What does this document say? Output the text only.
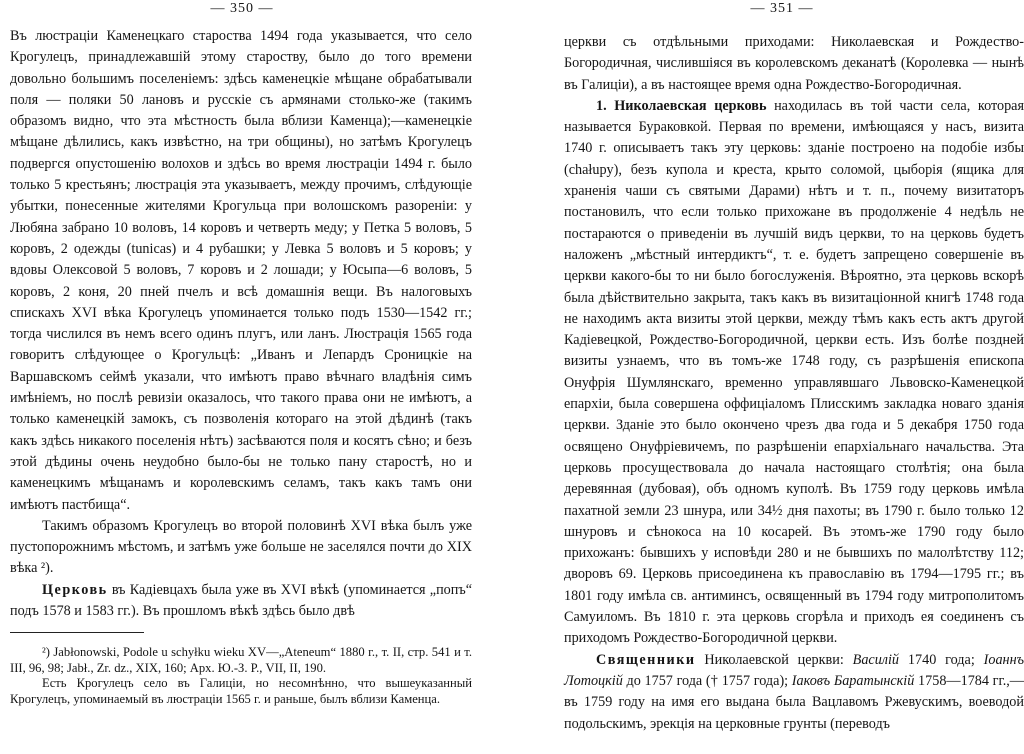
— 350 —

Въ люстраціи Каменецкаго староства 1494 года указывается, что село Крогулецъ, принадлежавшій этому староству, было до того времени довольно большимъ поселеніемъ: здѣсь каменецкіе мѣщане обрабатывали поля — поляки 50 лановъ и русскіе съ армянами столько-же (такимъ образомъ видно, что эта мѣстность была вблизи Каменца);—каменецкіе мѣщане дѣлились, какъ извѣстно, на три общины), но затѣмъ Крогулецъ подвергся опустошенію волохов и здѣсь во время люстраціи 1494 г. было только 5 крестьянъ; люстрація эта указываетъ, между прочимъ, слѣдующіе убытки, понесенные жителями Крогульца при волошскомъ разореніи: у Любяна забрано 10 воловъ, 14 коровъ и четверть меду; у Петка 5 воловъ, 5 коровъ, 2 одежды (tunicas) и 4 рубашки; у Левка 5 воловъ и 5 коровъ; у вдовы Олексовой 5 воловъ, 7 коровъ и 2 лошади; у Юсыпа—6 воловъ, 5 коровъ, 2 коня, 20 пней пчелъ и всѣ домашнія вещи. Въ налоговыхъ спискахъ XVI вѣка Крогулецъ упоминается только подъ 1530—1542 гг.; тогда числился въ немъ всего одинъ плугъ, или ланъ. Люстрація 1565 года говоритъ слѣдующее о Крогульцѣ: „Иванъ и Лепардъ Сроницкіе на Варшавскомъ сеймѣ указали, что имѣютъ право вѣчнаго владѣнія симъ имѣніемъ, но послѣ ревизіи оказалось, что такого права они не имѣютъ, а только каменецкій замокъ, съ позволенія котораго на этой дѣдинѣ (такъ какъ здѣсь никакого поселенія нѣтъ) засѣваются поля и косятъ сѣно; и безъ этой дѣдины очень неудобно было-бы не только пану старостѣ, но и каменецкимъ мѣщанамъ и королевскимъ селамъ, такъ какъ тамъ они имѣютъ пастбища“.

Такимъ образомъ Крогулецъ во второй половинѣ XVI вѣка былъ уже пустопорожнимъ мѣстомъ, и затѣмъ уже больше не заселялся почти до XIX вѣка ²).

Церковь въ Кадіевцахъ была уже въ XVI вѣкѣ (упоминается „попъ“ подъ 1578 и 1583 гг.). Въ прошломъ вѣкѣ здѣсь было двѣ

²) Jabłonowski, Podole u schyłku wieku XV—„Ateneum“ 1880 г., т. II, стр. 541 и т. III, 96, 98; Jabł., Zr. dz., XIX, 160; Арх. Ю.-З. Р., VII, II, 190.

Есть Крогулецъ село въ Галиціи, но несомнѣнно, что вышеуказанный Крогулецъ, упоминаемый въ люстраціи 1565 г. и раньше, былъ вблизи Каменца.

— 351 —

церкви съ отдѣльными приходами: Николаевская и Рождество-Богородичная, числившіяся въ королевскомъ деканатѣ (Королевка — нынѣ въ Галиціи), а въ настоящее время одна Рождество-Богородичная.

1. Николаевская церковь находилась въ той части села, которая называется Бураковкой. Первая по времени, имѣющаяся у насъ, визита 1740 г. описываетъ такъ эту церковь: зданіе построено на подобіе избы (chałupy), безъ купола и креста, крыто соломой, цыборія (ящика для храненія чаши съ святыми Дарами) нѣтъ и т. п., почему визитаторъ постановилъ, что если только прихожане въ продолженіе 4 недѣль не постараются о приведеніи въ лучшій видъ церкви, то на церковь будетъ наложенъ „мѣстный интердиктъ“, т. е. будетъ запрещено совершеніе въ церкви какого-бы то ни было богослуженія. Вѣроятно, эта церковь вскорѣ была дѣйствительно закрыта, такъ какъ въ визитаціонной книгѣ 1748 года не находимъ акта визиты этой церкви, между тѣмъ какъ есть актъ другой Кадіевецкой, Рождество-Богородичной, церкви есть. Изъ болѣе поздней визиты узнаемъ, что въ томъ-же 1748 году, съ разрѣшенія епископа Онуфрія Шумлянскаго, временно управлявшаго Львовско-Каменецкой епархіи, была совершена оффиціаломъ Плисскимъ закладка новаго зданія церкви. Зданіе это было окончено чрезъ два года и 5 декабря 1750 года освящено Онуфріевичемъ, по разрѣшеніи епархіальнаго начальства. Эта церковь просуществовала до начала настоящаго столѣтія; она была деревянная (дубовая), объ одномъ куполѣ. Въ 1759 году церковь имѣла пахатной земли 23 шнура, или 34½ дня пахоты; въ 1790 г. было только 12 шнуровъ и сѣнокоса на 10 косарей. Въ этомъ-же 1790 году было прихожанъ: бывшихъ у исповѣди 280 и не бывшихъ по малолѣтству 112; дворовъ 69. Церковь присоединена къ православію въ 1794—1795 гг.; въ 1801 году имѣла св. антиминсъ, освященный въ 1794 году митрополитомъ Самуиломъ. Въ 1810 г. эта церковь сгорѣла и приходъ ея соединенъ съ приходомъ Рождество-Богородичной церкви.

Священники Николаевской церкви: Василій 1740 года; Іоаннъ Лотоцкій до 1757 года († 1757 года); Іаковъ Баратынскій 1758—1784 гг.,—въ 1759 году на имя его выдана была Вацлавомъ Ржевускимъ, воеводой подольскимъ, эрекція на церковные грунты (переводъ
